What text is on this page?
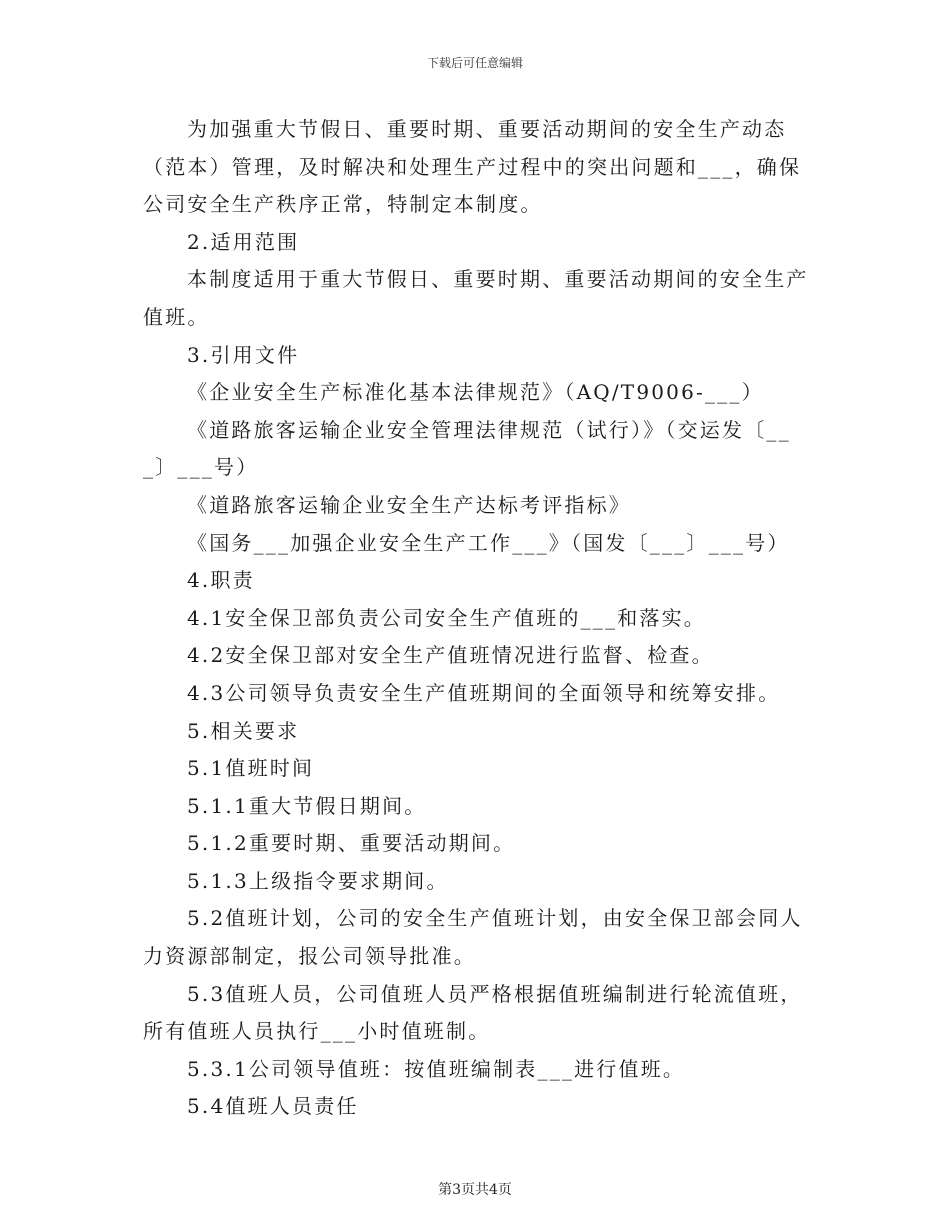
下载后可任意编辑

为加强重大节假日、重要时期、重要活动期间的安全生产动态（范本）管理，及时解决和处理生产过程中的突出问题和___，确保公司安全生产秩序正常，特制定本制度。

2.适用范围

本制度适用于重大节假日、重要时期、重要活动期间的安全生产值班。

3.引用文件

《企业安全生产标准化基本法律规范》（AQ/T9006-___）

《道路旅客运输企业安全管理法律规范（试行）》（交运发〔___〕___号）

《道路旅客运输企业安全生产达标考评指标》

《国务___加强企业安全生产工作___》（国发〔___〕___号）

4.职责

4.1安全保卫部负责公司安全生产值班的___和落实。

4.2安全保卫部对安全生产值班情况进行监督、检查。

4.3公司领导负责安全生产值班期间的全面领导和统筹安排。

5.相关要求

5.1值班时间

5.1.1重大节假日期间。

5.1.2重要时期、重要活动期间。

5.1.3上级指令要求期间。

5.2值班计划，公司的安全生产值班计划，由安全保卫部会同人力资源部制定，报公司领导批准。

5.3值班人员，公司值班人员严格根据值班编制进行轮流值班，所有值班人员执行___小时值班制。

5.3.1公司领导值班：按值班编制表___进行值班。

5.4值班人员责任

第3页共4页
